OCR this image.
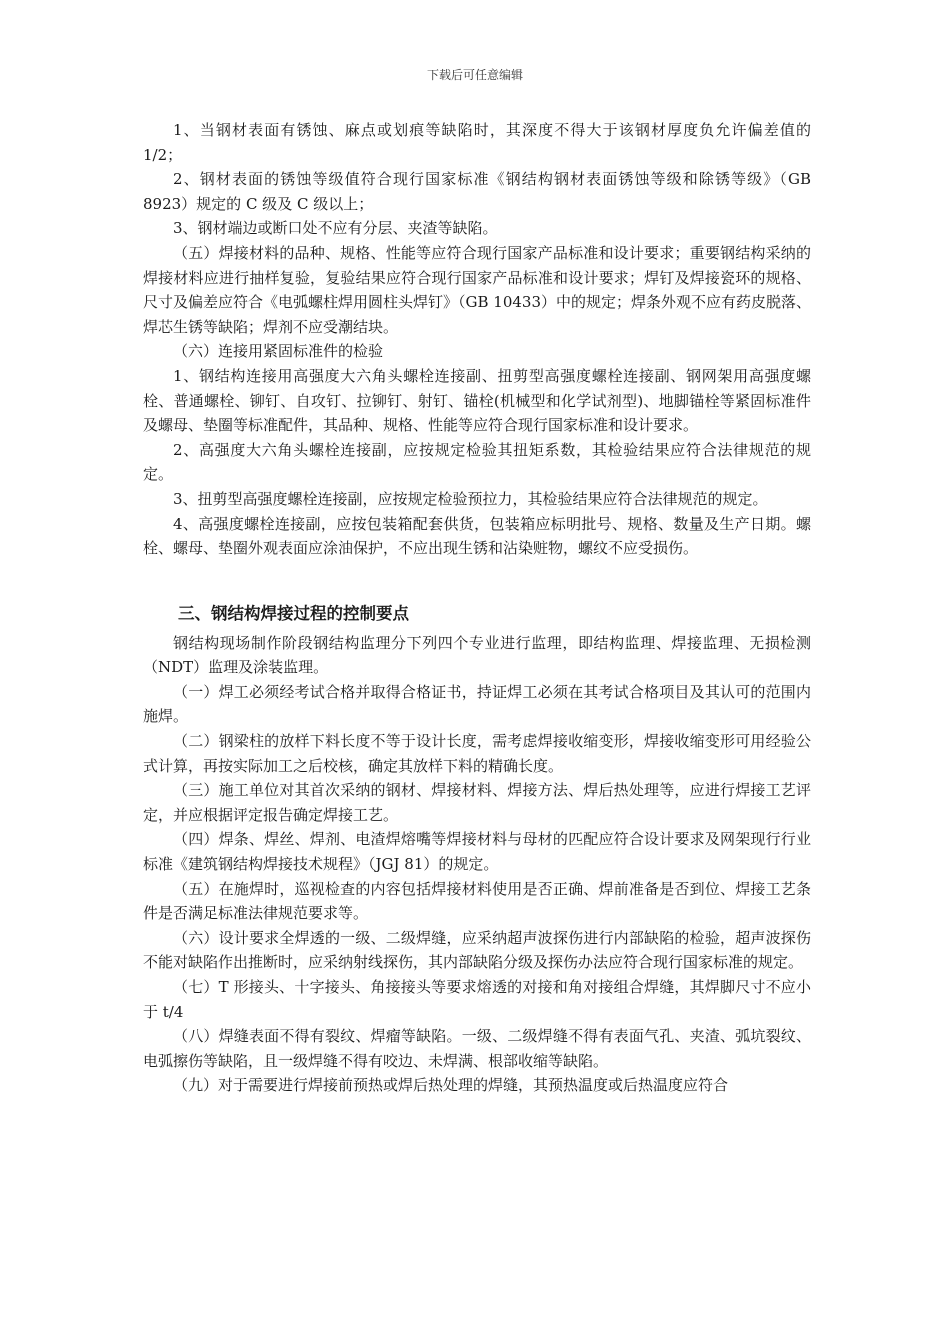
下载后可任意编辑

1、当钢材表面有锈蚀、麻点或划痕等缺陷时，其深度不得大于该钢材厚度负允许偏差值的 1/2；

2、钢材表面的锈蚀等级值符合现行国家标准《钢结构钢材表面锈蚀等级和除锈等级》（GB 8923）规定的 C 级及 C 级以上；

3、钢材端边或断口处不应有分层、夹渣等缺陷。

（五）焊接材料的品种、规格、性能等应符合现行国家产品标准和设计要求；重要钢结构采纳的焊接材料应进行抽样复验，复验结果应符合现行国家产品标准和设计要求；焊钉及焊接瓷环的规格、尺寸及偏差应符合《电弧螺柱焊用圆柱头焊钉》（GB 10433）中的规定；焊条外观不应有药皮脱落、焊芯生锈等缺陷；焊剂不应受潮结块。

（六）连接用紧固标准件的检验

1、钢结构连接用高强度大六角头螺栓连接副、扭剪型高强度螺栓连接副、钢网架用高强度螺栓、普通螺栓、铆钉、自攻钉、拉铆钉、射钉、锚栓(机械型和化学试剂型)、地脚锚栓等紧固标准件及螺母、垫圈等标准配件，其品种、规格、性能等应符合现行国家标准和设计要求。

2、高强度大六角头螺栓连接副，应按规定检验其扭矩系数，其检验结果应符合法律规范的规定。

3、扭剪型高强度螺栓连接副，应按规定检验预拉力，其检验结果应符合法律规范的规定。

4、高强度螺栓连接副，应按包装箱配套供货，包装箱应标明批号、规格、数量及生产日期。螺栓、螺母、垫圈外观表面应涂油保护，不应出现生锈和沾染赃物，螺纹不应受损伤。

三、钢结构焊接过程的控制要点

钢结构现场制作阶段钢结构监理分下列四个专业进行监理，即结构监理、焊接监理、无损检测（NDT）监理及涂装监理。

（一）焊工必须经考试合格并取得合格证书，持证焊工必须在其考试合格项目及其认可的范围内施焊。

（二）钢梁柱的放样下料长度不等于设计长度，需考虑焊接收缩变形，焊接收缩变形可用经验公式计算，再按实际加工之后校核，确定其放样下料的精确长度。

（三）施工单位对其首次采纳的钢材、焊接材料、焊接方法、焊后热处理等，应进行焊接工艺评定，并应根据评定报告确定焊接工艺。

（四）焊条、焊丝、焊剂、电渣焊熔嘴等焊接材料与母材的匹配应符合设计要求及网架现行行业标准《建筑钢结构焊接技术规程》（JGJ 81）的规定。

（五）在施焊时，巡视检查的内容包括焊接材料使用是否正确、焊前准备是否到位、焊接工艺条件是否满足标准法律规范要求等。

（六）设计要求全焊透的一级、二级焊缝，应采纳超声波探伤进行内部缺陷的检验，超声波探伤不能对缺陷作出推断时，应采纳射线探伤，其内部缺陷分级及探伤办法应符合现行国家标准的规定。

（七）T 形接头、十字接头、角接接头等要求熔透的对接和角对接组合焊缝，其焊脚尺寸不应小于 t/4

（八）焊缝表面不得有裂纹、焊瘤等缺陷。一级、二级焊缝不得有表面气孔、夹渣、弧坑裂纹、电弧擦伤等缺陷，且一级焊缝不得有咬边、未焊满、根部收缩等缺陷。

（九）对于需要进行焊接前预热或焊后热处理的焊缝，其预热温度或后热温度应符合
